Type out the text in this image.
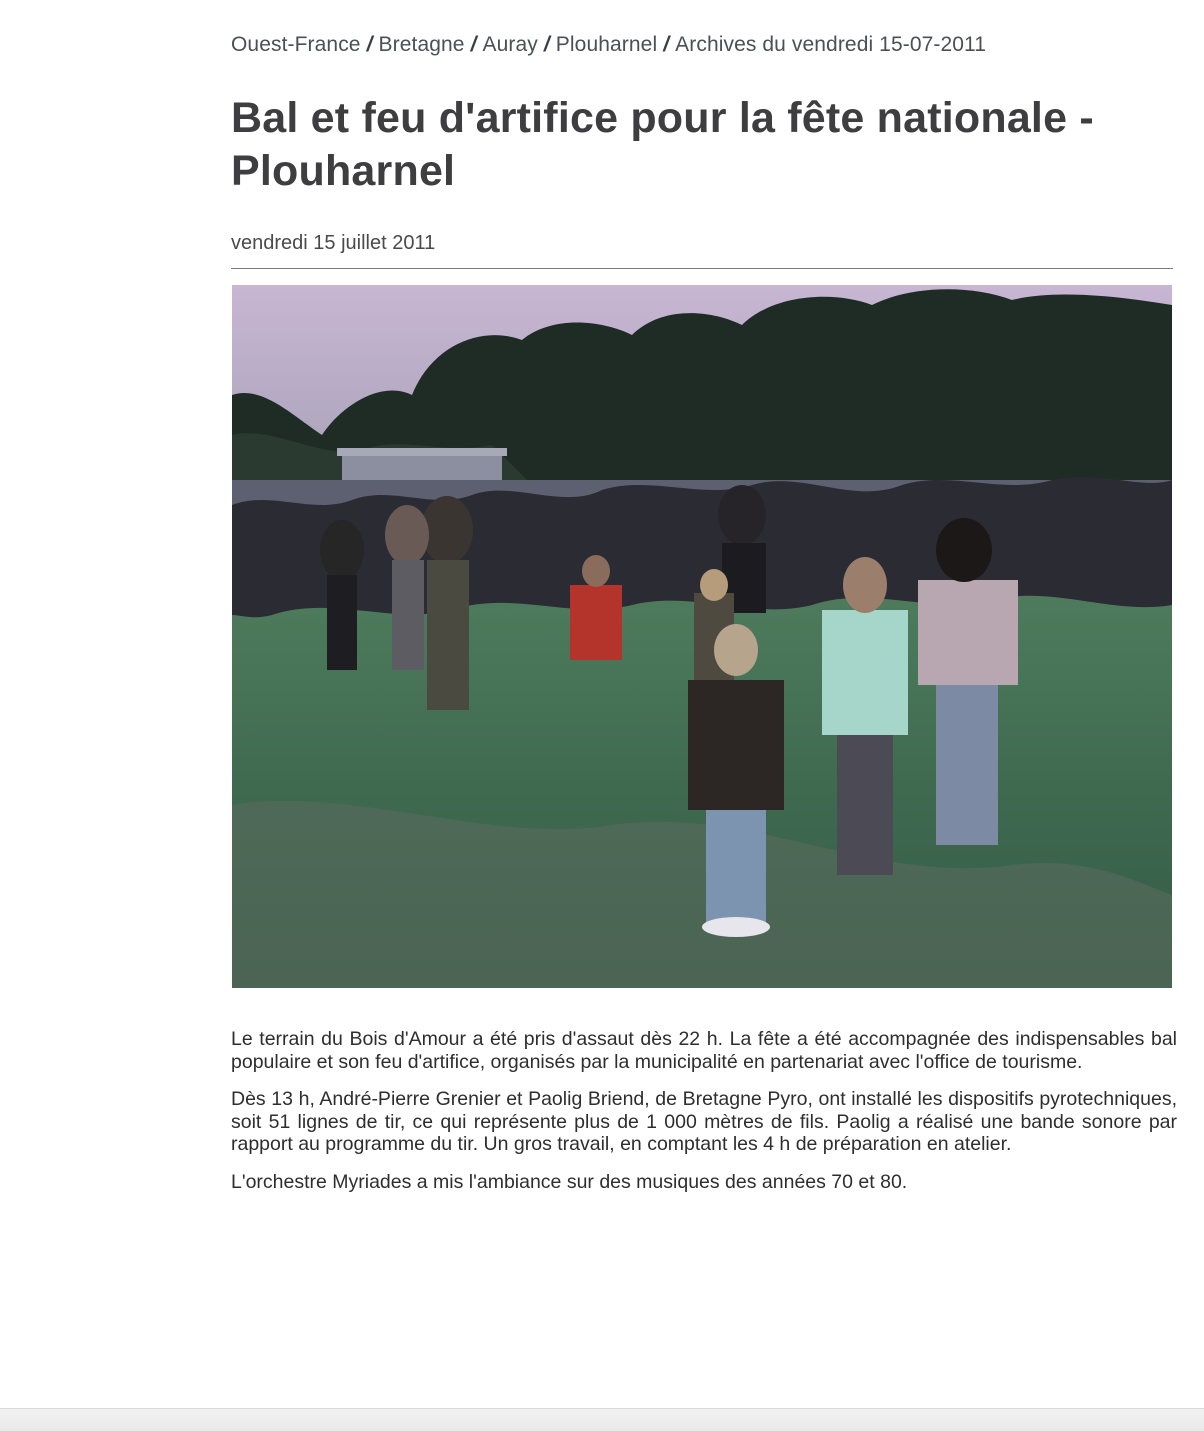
Ouest-France / Bretagne / Auray / Plouharnel / Archives du vendredi 15-07-2011
Bal et feu d'artifice pour la fête nationale - Plouharnel
vendredi 15 juillet 2011

Le terrain du Bois d'Amour a été pris d'assaut dès 22 h. La fête a été accompagnée des indispensables bal populaire et son feu d'artifice, organisés par la municipalité en partenariat avec l'office de tourisme.

Dès 13 h, André-Pierre Grenier et Paolig Briend, de Bretagne Pyro, ont installé les dispositifs pyrotechniques, soit 51 lignes de tir, ce qui représente plus de 1 000 mètres de fils. Paolig a réalisé une bande sonore par rapport au programme du tir. Un gros travail, en comptant les 4 h de préparation en atelier.

L'orchestre Myriades a mis l'ambiance sur des musiques des années 70 et 80.
